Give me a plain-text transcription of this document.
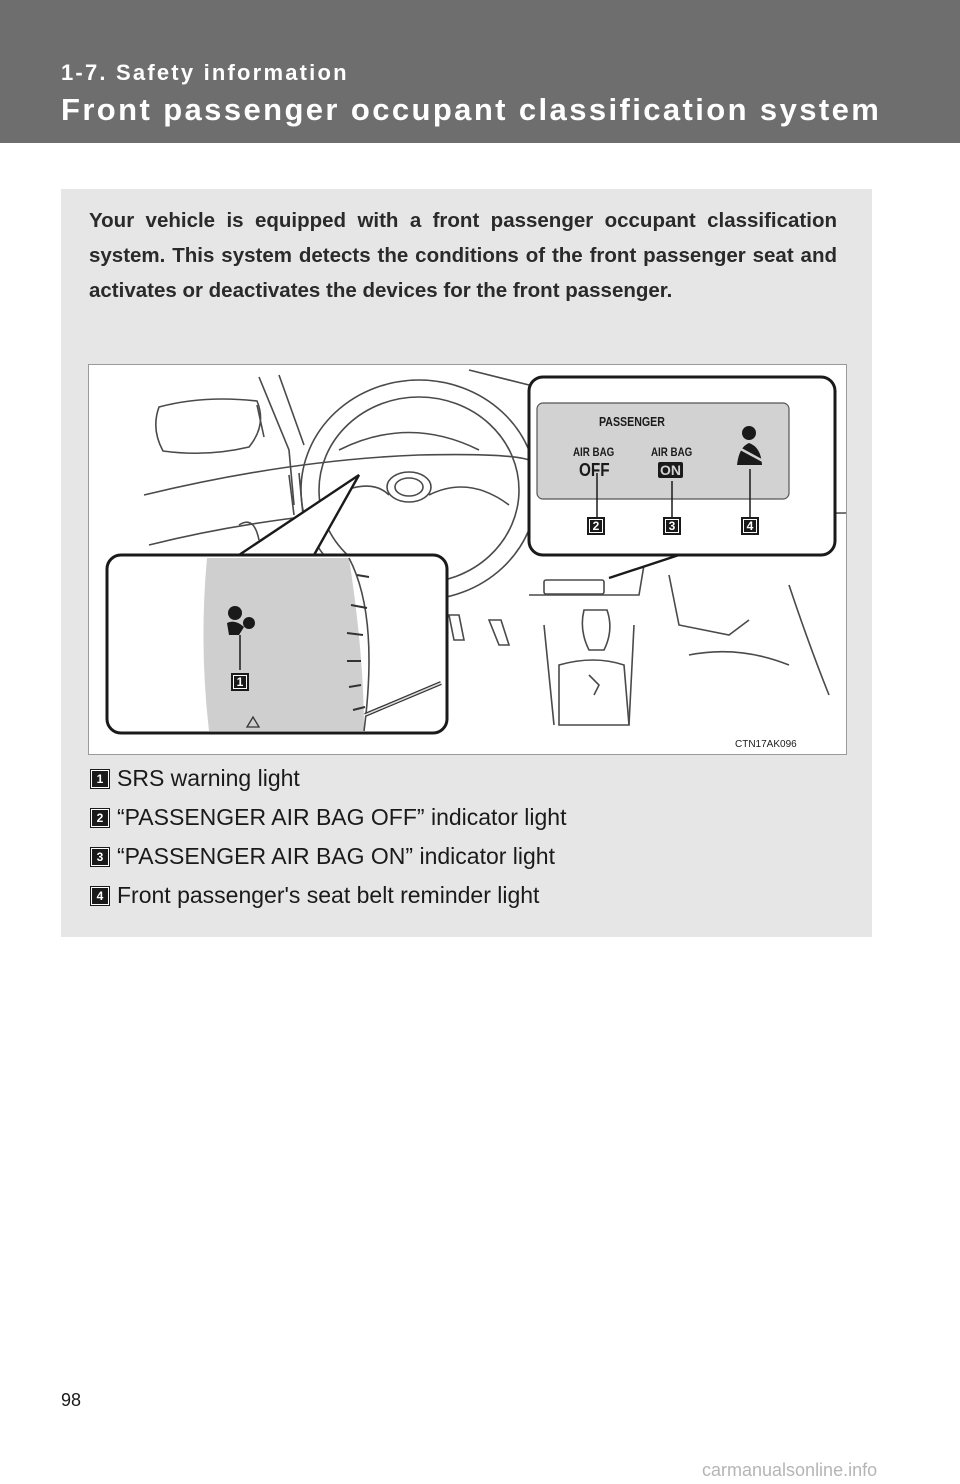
1-7. Safety information
Front passenger occupant classification system
Your vehicle is equipped with a front passenger occupant classification system. This system detects the conditions of the front passenger seat and activates or deactivates the devices for the front passenger.
PASSENGER
AIR BAG
OFF
AIR BAG
ON
1
2	3	4
CTN17AK096
1 SRS warning light
2 “PASSENGER AIR BAG OFF” indicator light
3 “PASSENGER AIR BAG ON” indicator light
4 Front passenger's seat belt reminder light
98
carmanualsonline.info
